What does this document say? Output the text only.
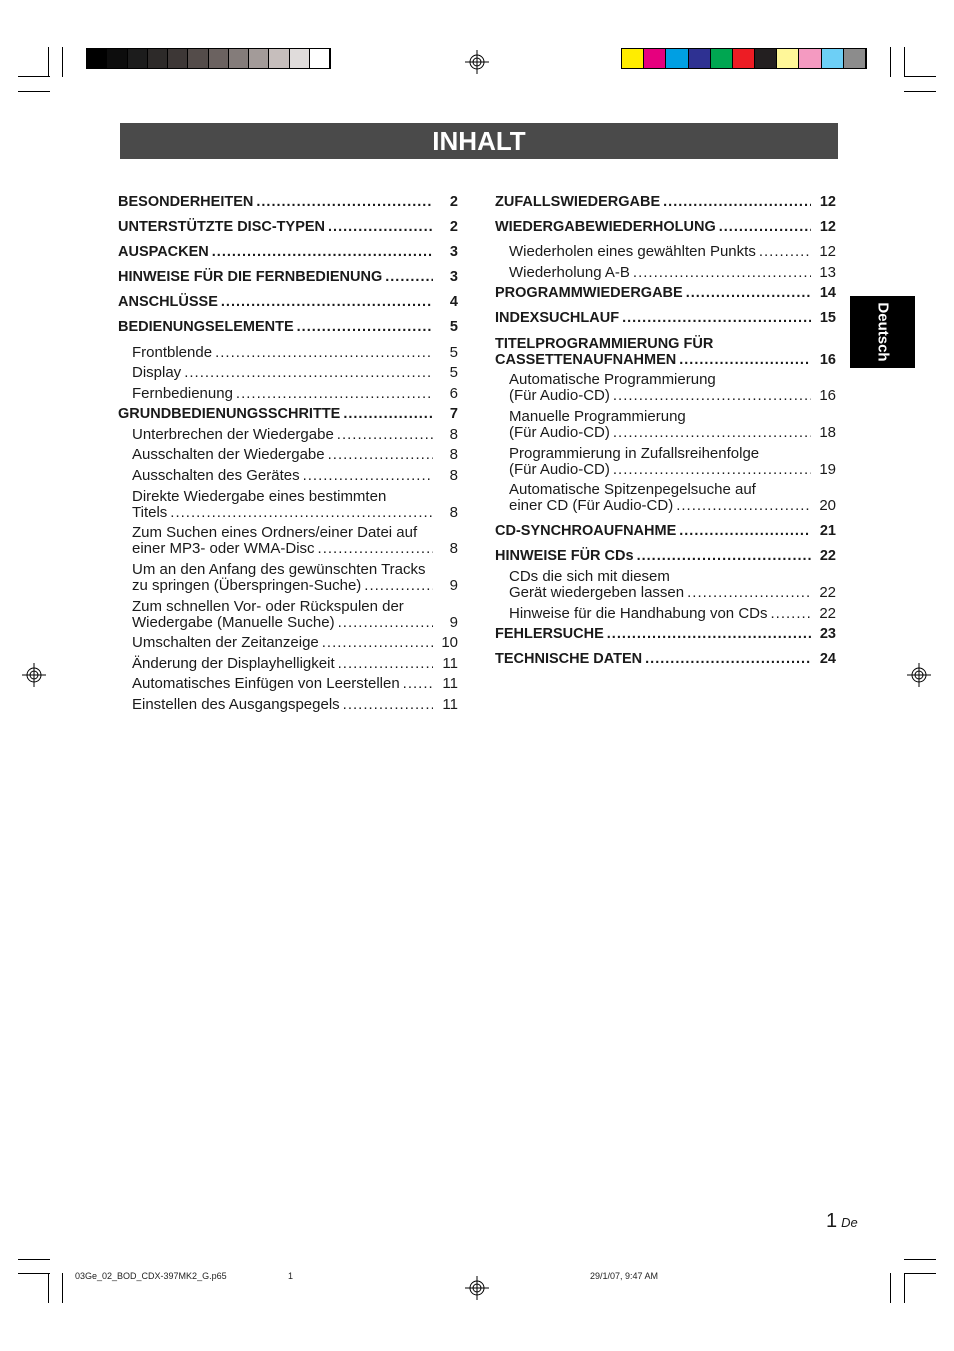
INHALT
Deutsch
BESONDERHEITEN .....	2
UNTERSTÜTZTE DISC-TYPEN .....	2
AUSPACKEN .....	3
HINWEISE FÜR DIE FERNBEDIENUNG .....	3
ANSCHLÜSSE .....	4
BEDIENUNGSELEMENTE .....	5
Frontblende .....	5
Display .....	5
Fernbedienung .....	6
GRUNDBEDIENUNGSSCHRITTE .....	7
Unterbrechen der Wiedergabe .....	8
Ausschalten der Wiedergabe .....	8
Ausschalten des Gerätes .....	8
Direkte Wiedergabe eines bestimmten
Titels .....	8
Zum Suchen eines Ordners/einer Datei auf
einer MP3- oder WMA-Disc .....	8
Um an den Anfang des gewünschten Tracks
zu springen (Überspringen-Suche) .....	9
Zum schnellen Vor- oder Rückspulen der
Wiedergabe (Manuelle Suche) .....	9
Umschalten der Zeitanzeige .....	10
Änderung der Displayhelligkeit .....	11
Automatisches Einfügen von Leerstellen .....	11
Einstellen des Ausgangspegels .....	11
ZUFALLSWIEDERGABE .....	12
WIEDERGABEWIEDERHOLUNG .....	12
Wiederholen eines gewählten Punkts .....	12
Wiederholung A-B .....	13
PROGRAMMWIEDERGABE .....	14
INDEXSUCHLAUF .....	15
TITELPROGRAMMIERUNG FÜR
CASSETTENAUFNAHMEN .....	16
Automatische Programmierung
(Für Audio-CD) .....	16
Manuelle Programmierung
(Für Audio-CD) .....	18
Programmierung in Zufallsreihenfolge
(Für Audio-CD) .....	19
Automatische Spitzenpegelsuche auf
einer CD (Für Audio-CD) .....	20
CD-SYNCHROAUFNAHME .....	21
HINWEISE FÜR CDs .....	22
CDs die sich mit diesem
Gerät wiedergeben lassen .....	22
Hinweise für die Handhabung von CDs .....	22
FEHLERSUCHE .....	23
TECHNISCHE DATEN .....	24
1 De
03Ge_02_BOD_CDX-397MK2_G.p65	1	29/1/07, 9:47 AM
